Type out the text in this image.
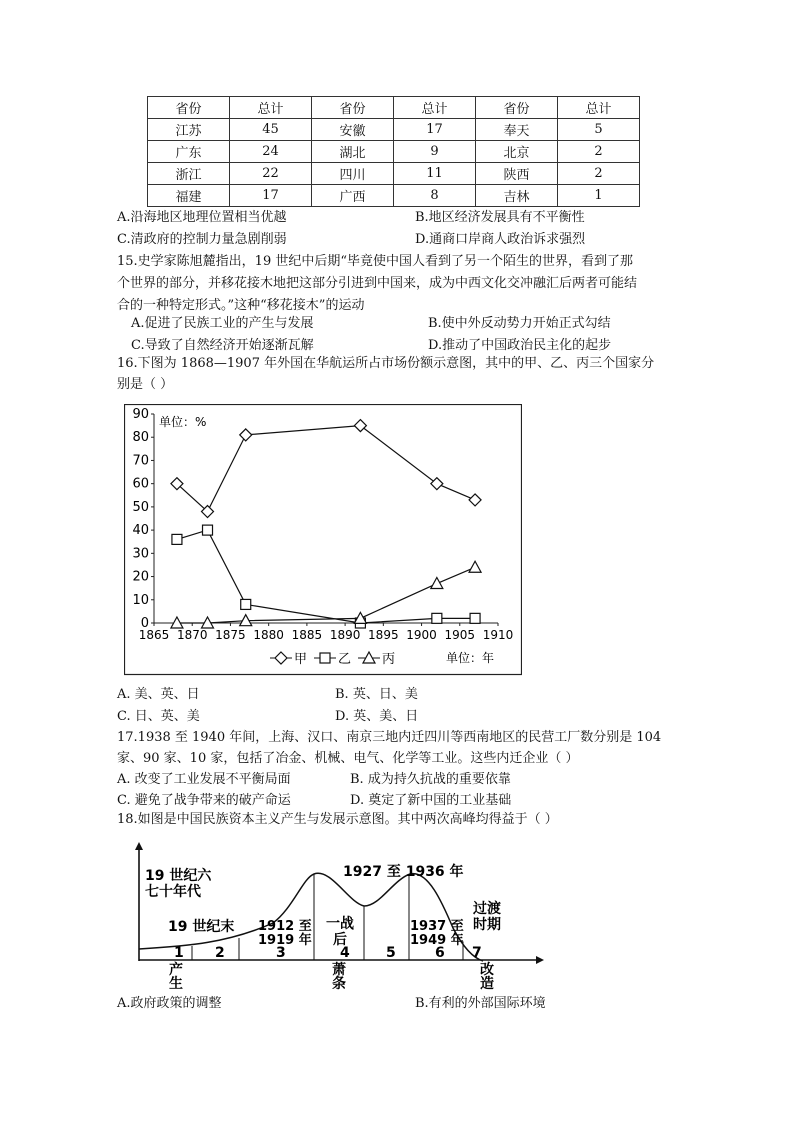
省份	总计	省份	总计	省份	总计
江苏	45	安徽	17	奉天	5
广东	24	湖北	9	北京	2
浙江	22	四川	11	陕西	2
福建	17	广西	8	吉林	1
A.沿海地区地理位置相当优越	B.地区经济发展具有不平衡性
C.清政府的控制力量急剧削弱	D.通商口岸商人政治诉求强烈
15.史学家陈旭麓指出，19 世纪中后期“毕竟使中国人看到了另一个陌生的世界，看到了那
个世界的部分，并移花接木地把这部分引进到中国来，成为中西文化交冲融汇后两者可能结
合的一种特定形式。”这种“移花接木”的运动
A.促进了民族工业的产生与发展	B.使中外反动势力开始正式勾结
C.导致了自然经济开始逐渐瓦解	D.推动了中国政治民主化的起步
16.下图为 1868—1907 年外国在华航运所占市场份额示意图，其中的甲、乙、丙三个国家分
别是（ ）
单位：%
0
10
20
30
40
50
60
70
80
90
1865 1870 1875 1880 1885 1890 1895 1900 1905 1910
甲 乙 丙	单位：年
A. 美、英、日	B. 英、日、美
C. 日、英、美	D. 英、美、日
17.1938 至 1940 年间，上海、汉口、南京三地内迁四川等西南地区的民营工厂数分别是 104
家、90 家、10 家，包括了冶金、机械、电气、化学等工业。这些内迁企业（ ）
A. 改变了工业发展不平衡局面	B. 成为持久抗战的重要依靠
C. 避免了战争带来的破产命运	D. 奠定了新中国的工业基础
18.如图是中国民族资本主义产生与发展示意图。其中两次高峰均得益于（ ）
19 世纪六
七十年代
1927 至 1936 年
19 世纪末 1912 至
1919 年
一战
后
1937 至
1949 年
过渡
时期
1 2	3	4	5	6 7
产
生
萧
条
改
造
A.政府政策的调整	B.有利的外部国际环境
